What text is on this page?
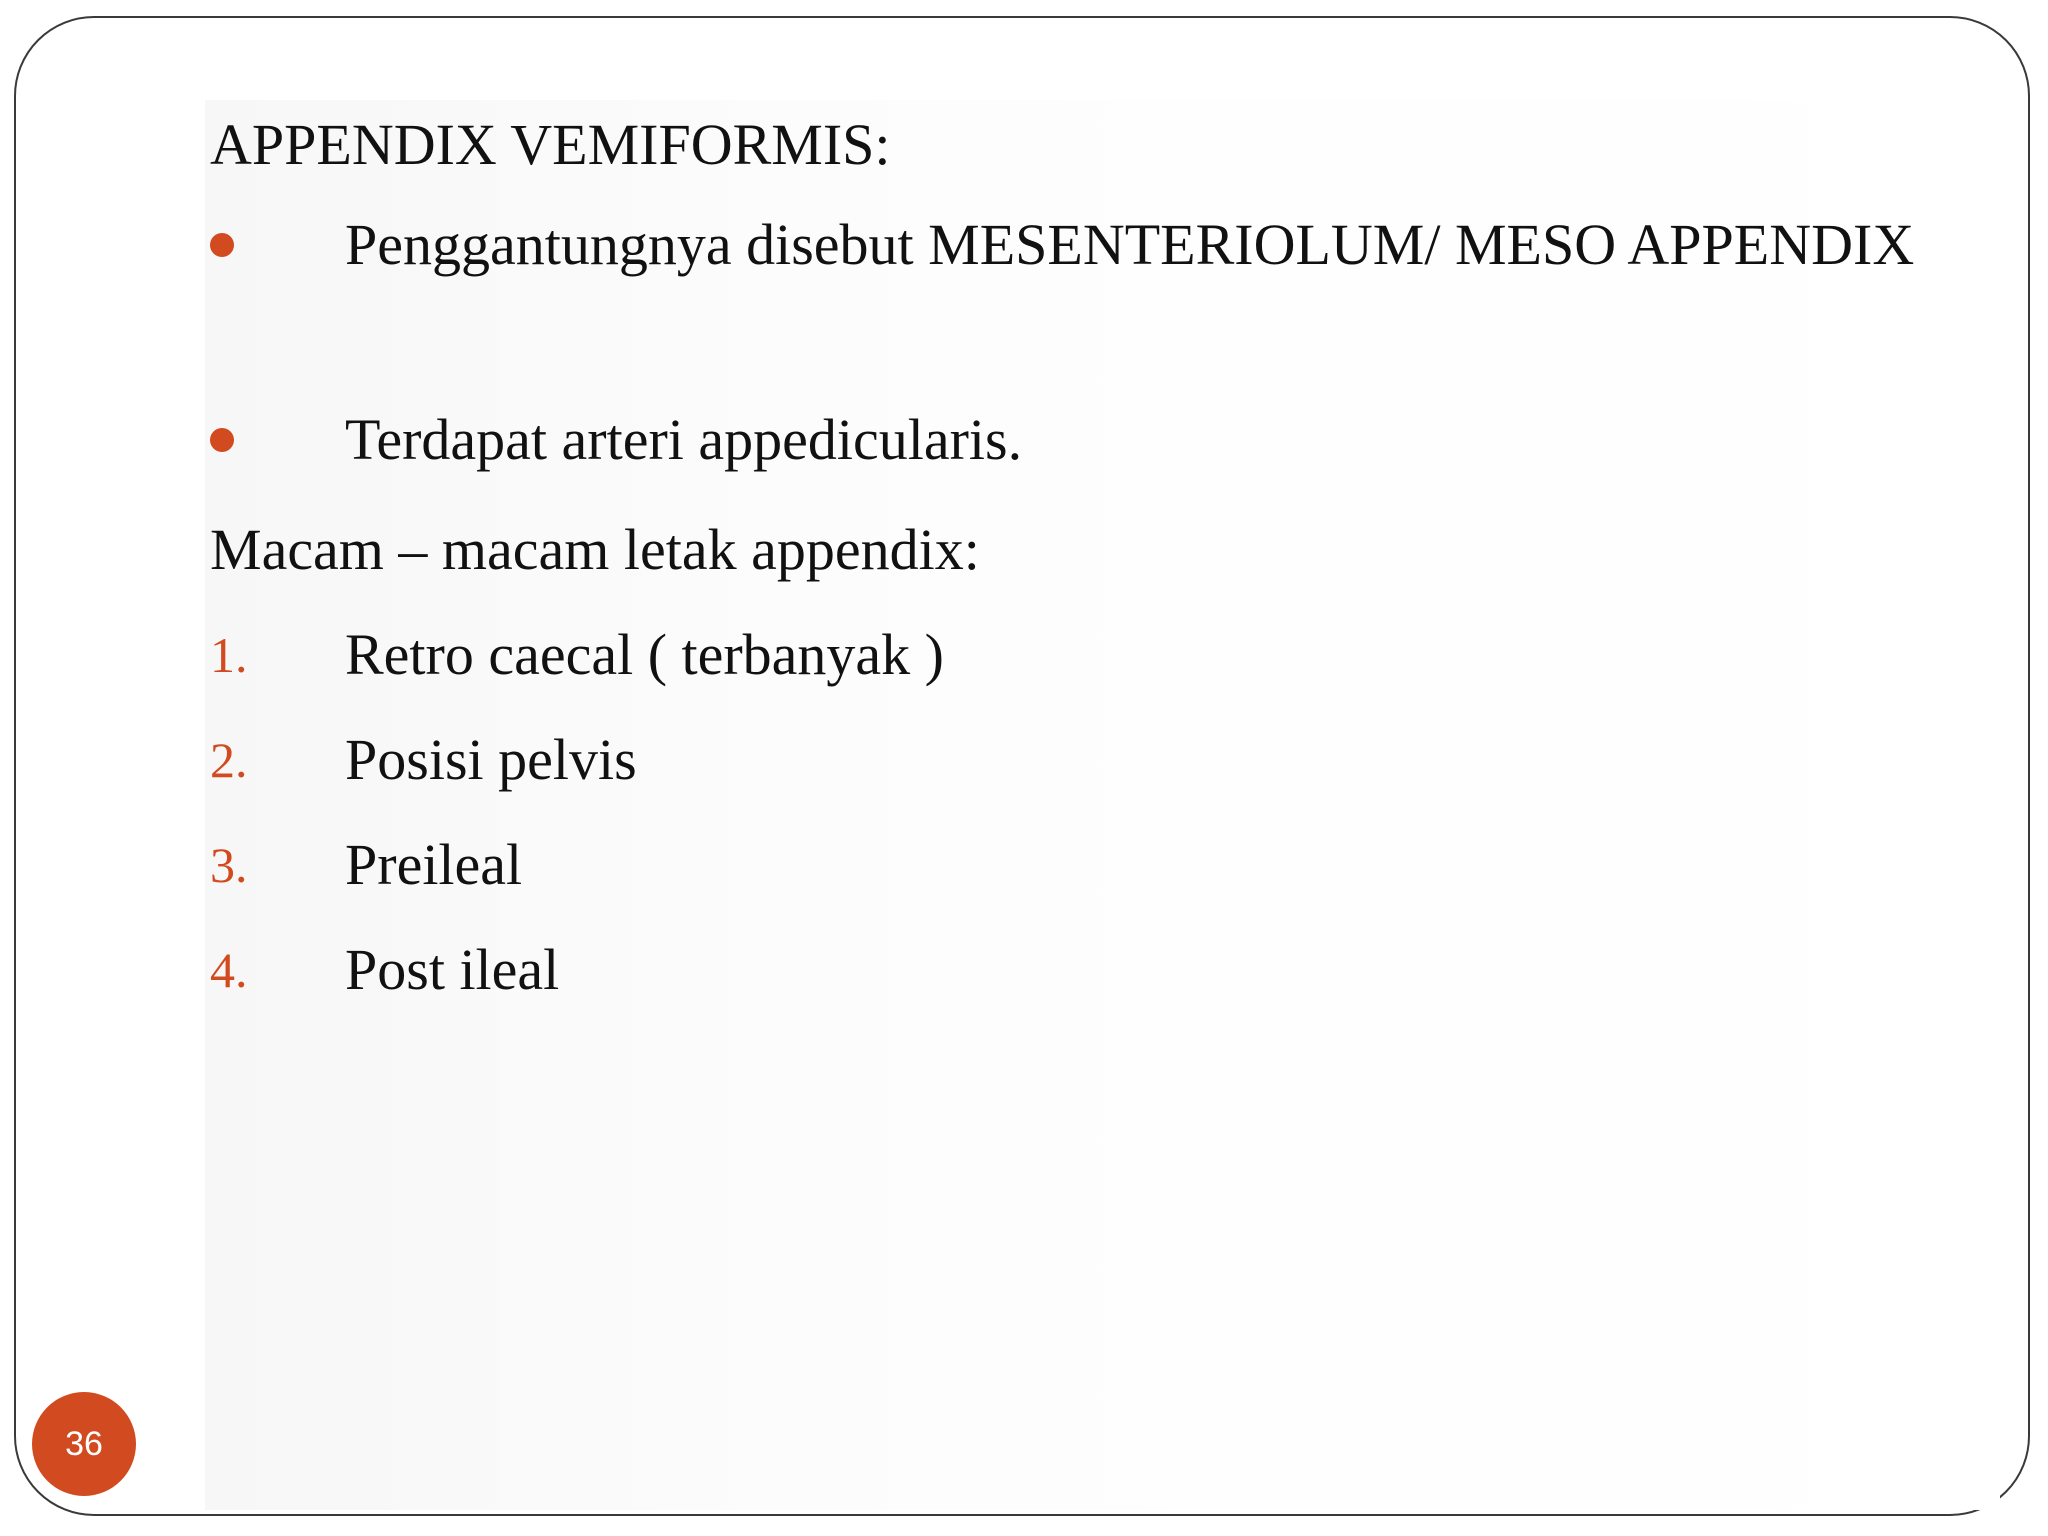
APPENDIX VEMIFORMIS:
Penggantungnya disebut MESENTERIOLUM/ MESO APPENDIX
Terdapat arteri appedicularis.
Macam – macam letak appendix:
1. Retro caecal ( terbanyak )
2. Posisi pelvis
3. Preileal
4. Post ileal
36
